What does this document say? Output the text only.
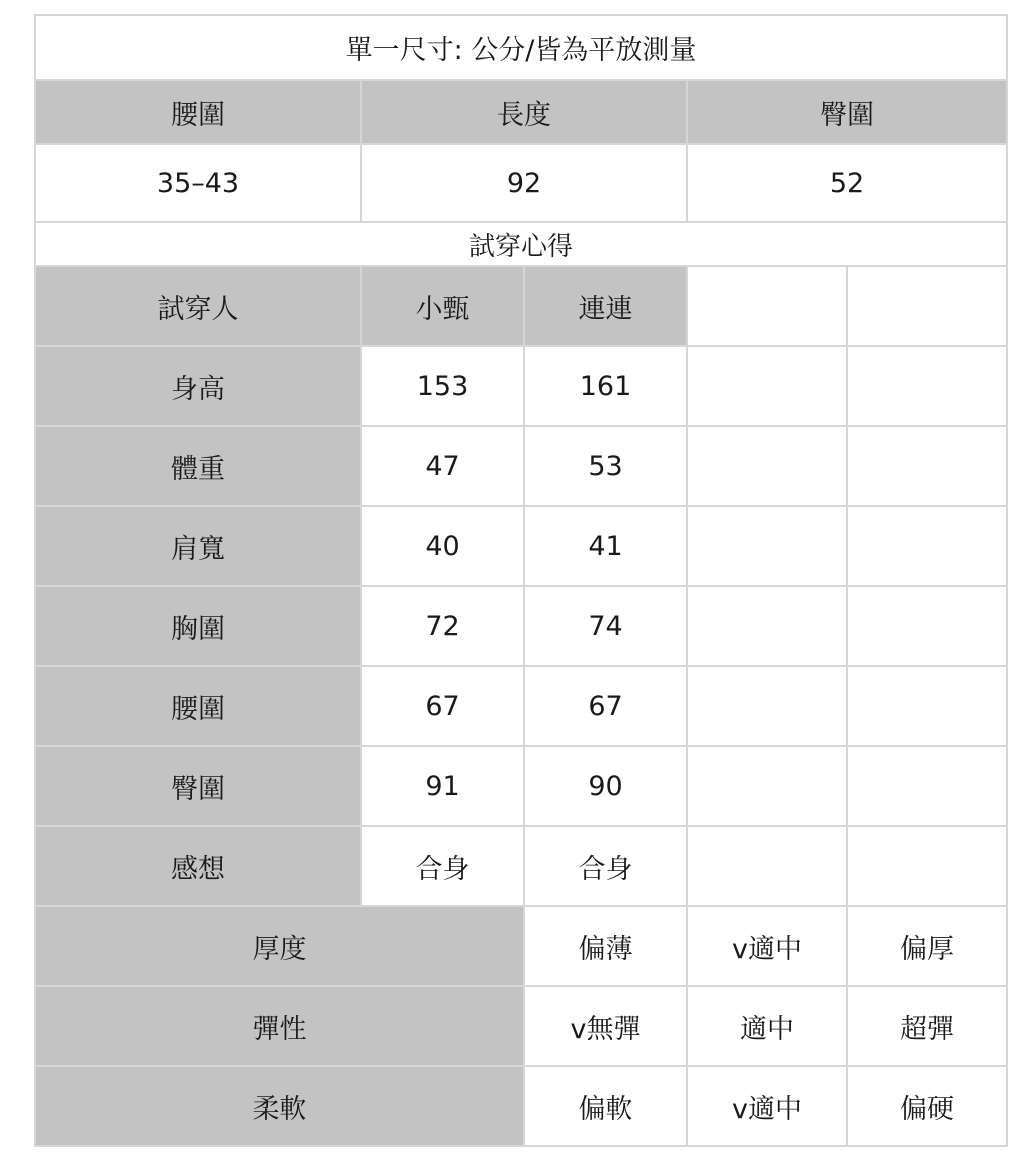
單一尺寸: 公分/皆為平放測量				
腰圍	長度		臀圍	
35–43	92		52	
試穿心得				
試穿人	小甄	連連		
身高	153	161		
體重	47	53		
肩寬	40	41		
胸圍	72	74		
腰圍	67	67		
臀圍	91	90		
感想	合身	合身		
厚度		偏薄	v適中	偏厚
彈性		v無彈	適中	超彈
柔軟		偏軟	v適中	偏硬
